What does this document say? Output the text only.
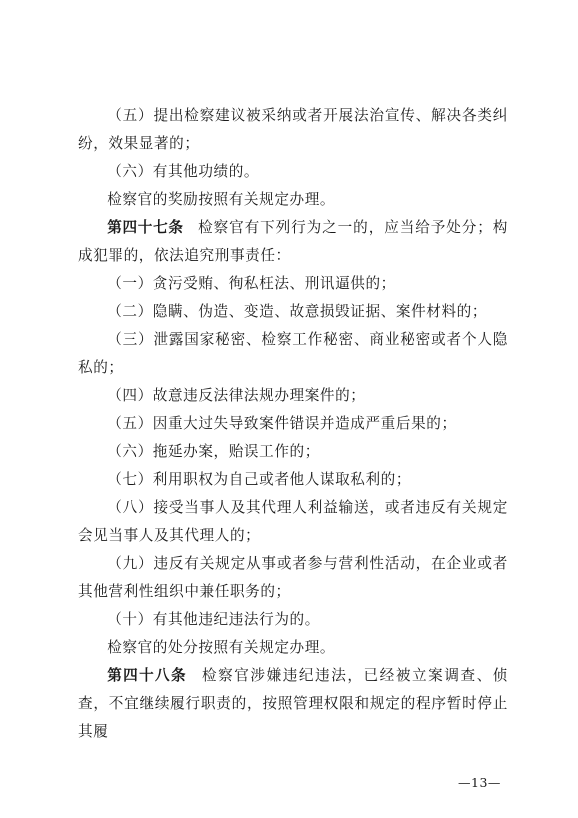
（五）提出检察建议被采纳或者开展法治宣传、解决各类纠纷，效果显著的；

（六）有其他功绩的。

检察官的奖励按照有关规定办理。

第四十七条 检察官有下列行为之一的，应当给予处分；构成犯罪的，依法追究刑事责任：

（一）贪污受贿、徇私枉法、刑讯逼供的；

（二）隐瞒、伪造、变造、故意损毁证据、案件材料的；

（三）泄露国家秘密、检察工作秘密、商业秘密或者个人隐私的；

（四）故意违反法律法规办理案件的；

（五）因重大过失导致案件错误并造成严重后果的；

（六）拖延办案，贻误工作的；

（七）利用职权为自己或者他人谋取私利的；

（八）接受当事人及其代理人利益输送，或者违反有关规定会见当事人及其代理人的；

（九）违反有关规定从事或者参与营利性活动，在企业或者其他营利性组织中兼任职务的；

（十）有其他违纪违法行为的。

检察官的处分按照有关规定办理。

第四十八条 检察官涉嫌违纪违法，已经被立案调查、侦查，不宜继续履行职责的，按照管理权限和规定的程序暂时停止其履

—13—
